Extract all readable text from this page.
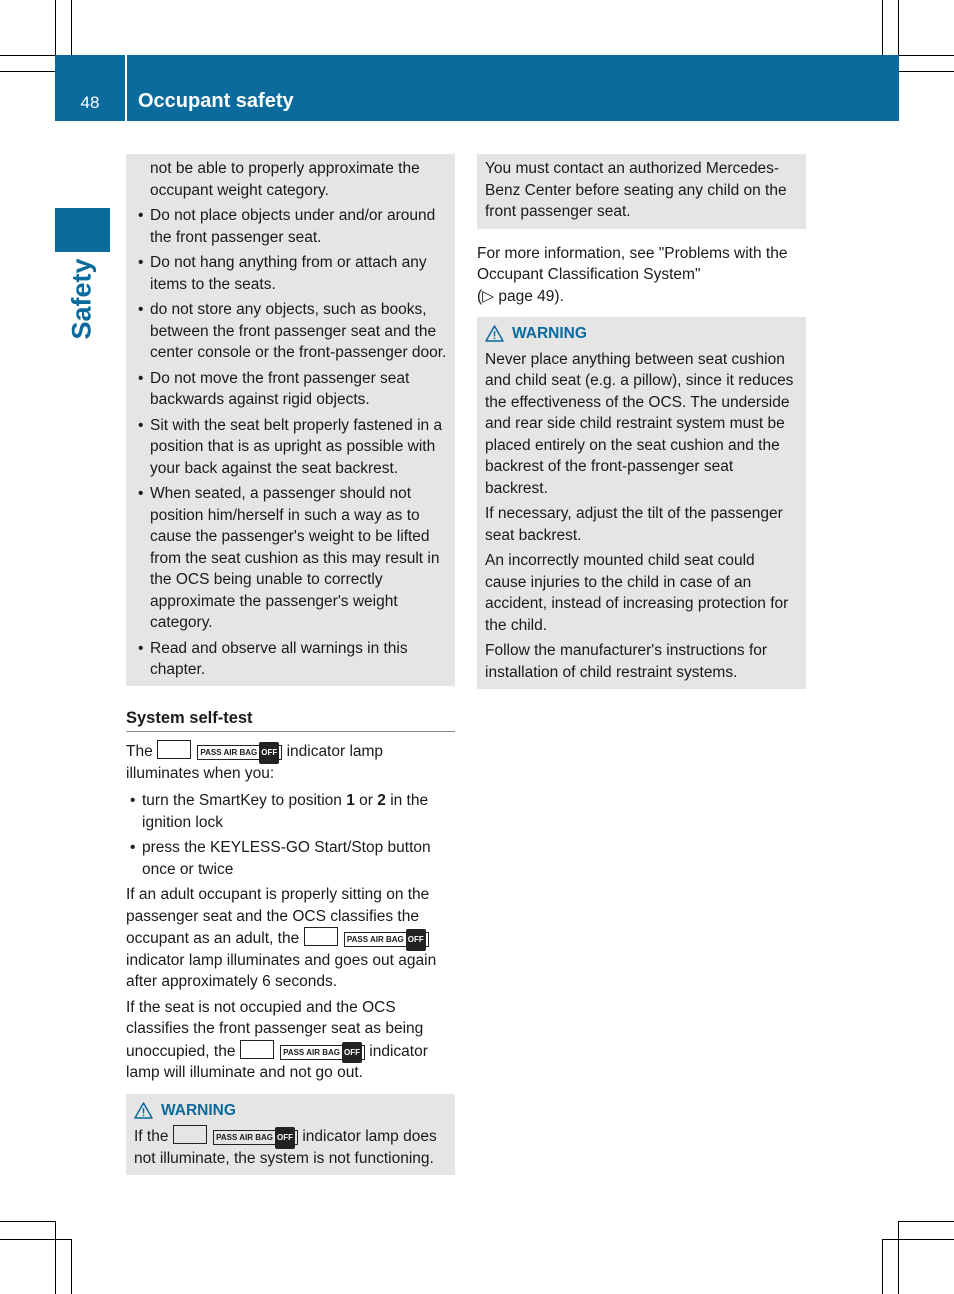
48	Occupant safety
Safety

not be able to properly approximate the occupant weight category.

• Do not place objects under and/or around the front passenger seat.
• Do not hang anything from or attach any items to the seats.
• do not store any objects, such as books, between the front passenger seat and the center console or the front-passenger door.
• Do not move the front passenger seat backwards against rigid objects.
• Sit with the seat belt properly fastened in a position that is as upright as possible with your back against the seat backrest.
• When seated, a passenger should not position him/herself in such a way as to cause the passenger's weight to be lifted from the seat cushion as this may result in the OCS being unable to correctly approximate the passenger's weight category.
• Read and observe all warnings in this chapter.
System self-test

The	PASS AIR BAG OFF indicator lamp illuminates when you:

• turn the SmartKey to position 1 or 2 in the ignition lock
• press the KEYLESS-GO Start/Stop button once or twice

If an adult occupant is properly sitting on the passenger seat and the OCS classifies the occupant as an adult, the	PASS AIR BAG OFF
indicator lamp illuminates and goes out again after approximately 6 seconds.

If the seat is not occupied and the OCS classifies the front passenger seat as being unoccupied, the	PASS AIR BAG OFF indicator lamp will illuminate and not go out.

WARNING

If the	PASS AIR BAG OFF indicator lamp does not illuminate, the system is not functioning.

You must contact an authorized Mercedes-Benz Center before seating any child on the front passenger seat.

For more information, see "Problems with the Occupant Classification System"
(▷ page 49).

WARNING

Never place anything between seat cushion and child seat (e.g. a pillow), since it reduces the effectiveness of the OCS. The underside and rear side child restraint system must be placed entirely on the seat cushion and the backrest of the front-passenger seat backrest.

If necessary, adjust the tilt of the passenger seat backrest.

An incorrectly mounted child seat could cause injuries to the child in case of an accident, instead of increasing protection for the child.

Follow the manufacturer's instructions for installation of child restraint systems.
